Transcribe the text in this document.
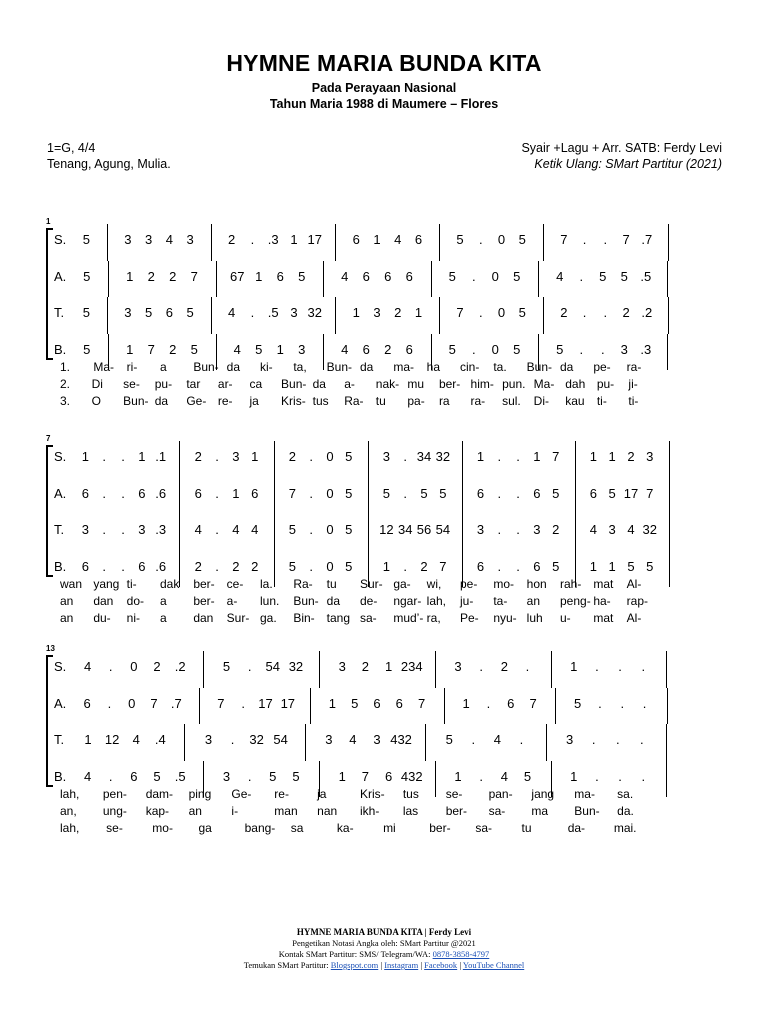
HYMNE MARIA BUNDA KITA
Pada Perayaan Nasional
Tahun Maria 1988 di Maumere – Flores
1=G, 4/4
Tenang, Agung, Mulia.
Syair +Lagu + Arr. SATB: Ferdy Levi
Ketik Ulang: SMart Partitur (2021)
1
S.	5	3	3	4	3	2	.	.3 1 17	6	1	4	6	5	.	0	5	7	.	.	7 .7
A.	5	1	2	2	7	67 1	6	5	4	6	6	6	5	.	0	5	4	.	5	5 .5
T.	5	3	5	6	5	4	.	.5 3 32	1	3	2	1	7	.	0	5	2	.	.	2 .2
B.	5	1	7	2	5	4	5	1	3	4	6	2	6	5	.	0	5	5	.	.	3 .3
1. Ma- ri- a Bun- da ki- ta, Bun- da ma- ha cin- ta. Bun- da pe- ra-
2. Di se- pu- tar ar- ca Bun- da a- nak- mu ber- him- pun. Ma- dah pu- ji-
3. O Bun- da Ge- re- ja Kris- tus Ra- tu pa- ra ra- sul. Di- kau ti- ti-
7
S.	1	.	.	1 .1	2	.	3 1	2	.	0 5	3	. 34 32	1	.	.	1 7	1 1 2 3
A.	6	.	.	6 .6	6	.	1 6	7	.	0 5	5	.	5 5	6	.	.	6 5	6 5 17 7
T.	3	.	.	3 .3	4	.	4 4	5	.	0 5	12 34 56 54	3	.	.	3 2	4 3 4 32
B.	6	.	.	6 .6	2	.	2 2	5	.	0 5	1	.	2 7	6	.	.	6 5	1 1 5 5
wan yang ti- dak ber- ce- la. Ra- tu Sur- ga- wi, pe- mo- hon rah- mat Al-
an dan do- a ber- a- lun. Bun- da de- ngar- lah, ju- ta- an peng- ha- rap-
an du- ni- a dan Sur- ga. Bin- tang sa- mud’- ra, Pe- nyu- luh u- mat Al-
13
S.	4	.	0	2	.2	5	.	54 32	3	2	1 234	3	.	2	.	1	.	.	.
A.	6	.	0	7	.7	7	.	17 17	1	5	6	6	7	1	.	6	7	5	.	.	.
T.	1	12	4	.4	3	.	32 54	3	4	3 432	5	.	4	.	3	.	.	.
B.	4	.	6	5	.5	3	.	5	5	1	7	6 432	1	.	4	5	1	.	.	.
lah, pen- dam- ping Ge- re- ja	Kris- tus se- pan- jang ma- sa.
an, ung- kap- an i-	man nan ikh- las ber- sa- ma Bun- da.
lah, se- mo- ga	bang- sa	ka- mi	ber- sa- tu	da- mai.
HYMNE MARIA BUNDA KITA | Ferdy Levi
Pengetikan Notasi Angka oleh: SMart Partitur @2021
Kontak SMart Partitur: SMS/ Telegram/WA: 0878-3858-4797
Temukan SMart Partitur: Blogspot.com | Instagram | Facebook | YouTube Channel
